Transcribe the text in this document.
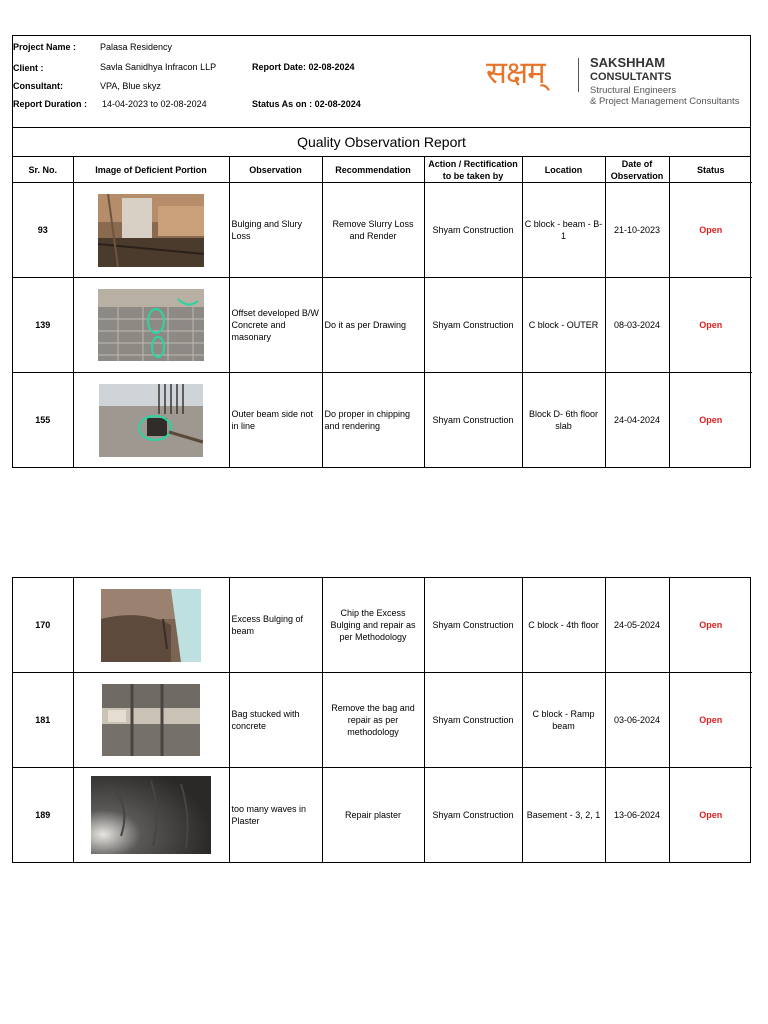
Project Name :	Palasa Residency
Client :	Savla Sanidhya Infracon LLP
Consultant:	VPA, Blue skyz
Report Duration : 14-04-2023 to 02-08-2024
Report Date: 02-08-2024
Status As on : 02-08-2024
सक्षम्	SAKSHHAM
CONSULTANTS
Structural Engineers
& Project Management Consultants
Quality Observation Report
Sr. No.	Image of Deficient Portion	Observation	Recommendation	Action / Rectification to be taken by	Location	Date of Observation	Status
93		Bulging and Slury Loss	Remove Slurry Loss and Render	Shyam Construction	C block - beam - B-1	21-10-2023	Open
139		Offset developed B/W Concrete and masonary	Do it as per Drawing	Shyam Construction	C block - OUTER	08-03-2024	Open
155		Outer beam side not in line	Do proper in chipping and rendering	Shyam Construction	Block D- 6th floor slab	24-04-2024	Open
170		Excess Bulging of beam	Chip the Excess Bulging and repair as per Methodology	Shyam Construction	C block - 4th floor	24-05-2024	Open
181		Bag stucked with concrete	Remove the bag and repair as per methodology	Shyam Construction	C block - Ramp beam	03-06-2024	Open
189		too many waves in Plaster	Repair plaster	Shyam Construction	Basement - 3, 2, 1	13-06-2024	Open
